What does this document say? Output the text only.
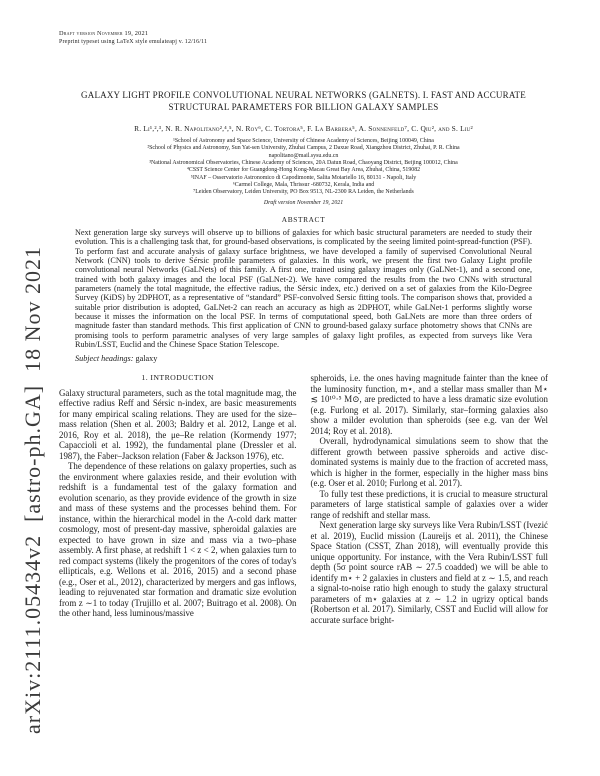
arXiv:2111.05434v2  [astro-ph.GA]  18 Nov 2021
Draft version November 19, 2021
Preprint typeset using LaTeX style emulateapj v. 12/16/11
GALAXY LIGHT PROFILE CONVOLUTIONAL NEURAL NETWORKS (GALNETS). I. FAST AND ACCURATE STRUCTURAL PARAMETERS FOR BILLION GALAXY SAMPLES
R. Li¹,²,³, N. R. Napolitano²,⁴,⁵, N. Roy⁶, C. Tortora⁵, F. La Barbera⁵, A. Sonnenfeld⁷, C. Qiu², and S. Liu²
¹School of Astronomy and Space Science, University of Chinese Academy of Sciences, Beijing 100049, China
²School of Physics and Astronomy, Sun Yat-sen University, Zhuhai Campus, 2 Daxue Road, Xiangzhou District, Zhuhai, P. R. China
napolitano@mail.sysu.edu.cn
³National Astronomical Observatories, Chinese Academy of Sciences, 20A Datun Road, Chaoyang District, Beijing 100012, China
⁴CSST Science Center for Guangdong-Hong Kong-Macau Great Bay Area, Zhuhai, China, 519082
⁵INAF – Osservatorio Astronomico di Capodimonte, Salita Moiariello 16, 80131 - Napoli, Italy
⁶Carmel College, Mala, Thrissur -680732, Kerala, India and
⁷Leiden Observatory, Leiden University, PO Box 9513, NL-2300 RA Leiden, the Netherlands
Draft version November 19, 2021
ABSTRACT

Next generation large sky surveys will observe up to billions of galaxies for which basic structural parameters are needed to study their evolution. This is a challenging task that, for ground-based observations, is complicated by the seeing limited point-spread-function (PSF). To perform fast and accurate analysis of galaxy surface brightness, we have developed a family of supervised Convolutional Neural Network (CNN) tools to derive Sérsic profile parameters of galaxies. In this work, we present the first two Galaxy Light profile convolutional neural Networks (GaLNets) of this family. A first one, trained using galaxy images only (GaLNet-1), and a second one, trained with both galaxy images and the local PSF (GaLNet-2). We have compared the results from the two CNNs with structural parameters (namely the total magnitude, the effective radius, the Sérsic index, etc.) derived on a set of galaxies from the Kilo-Degree Survey (KiDS) by 2DPHOT, as a representative of “standard” PSF-convolved Sersic fitting tools. The comparison shows that, provided a suitable prior distribution is adopted, GaLNet-2 can reach an accuracy as high as 2DPHOT, while GaLNet-1 performs slightly worse because it misses the information on the local PSF. In terms of computational speed, both GaLNets are more than three orders of magnitude faster than standard methods. This first application of CNN to ground-based galaxy surface photometry shows that CNNs are promising tools to perform parametric analyses of very large samples of galaxy light profiles, as expected from surveys like Vera Rubin/LSST, Euclid and the Chinese Space Station Telescope.

Subject headings: galaxy

1. INTRODUCTION

Galaxy structural parameters, such as the total magnitude mag, the effective radius Reff and Sérsic n-index, are basic measurements for many empirical scaling relations. They are used for the size–mass relation (Shen et al. 2003; Baldry et al. 2012, Lange et al. 2016, Roy et al. 2018), the μe–Re relation (Kormendy 1977; Capaccioli et al. 1992), the fundamental plane (Dressler et al. 1987), the Faber–Jackson relation (Faber & Jackson 1976), etc.

The dependence of these relations on galaxy properties, such as the environment where galaxies reside, and their evolution with redshift is a fundamental test of the galaxy formation and evolution scenario, as they provide evidence of the growth in size and mass of these systems and the processes behind them. For instance, within the hierarchical model in the Λ-cold dark matter cosmology, most of present-day massive, spheroidal galaxies are expected to have grown in size and mass via a two–phase assembly. A first phase, at redshift 1 < z < 2, when galaxies turn to red compact systems (likely the progenitors of the cores of today's ellipticals, e.g. Wellons et al. 2016, 2015) and a second phase (e.g., Oser et al., 2012), characterized by mergers and gas inflows, leading to rejuvenated star formation and dramatic size evolution from z ∼1 to today (Trujillo et al. 2007; Buitrago et al. 2008). On the other hand, less luminous/massive

spheroids, i.e. the ones having magnitude fainter than the knee of the luminosity function, m⋆, and a stellar mass smaller than M⋆ ≲ 10¹⁰·⁵ M⊙, are predicted to have a less dramatic size evolution (e.g. Furlong et al. 2017). Similarly, star–forming galaxies also show a milder evolution than spheroids (see e.g. van der Wel 2014; Roy et al. 2018).

Overall, hydrodynamical simulations seem to show that the different growth between passive spheroids and active disc-dominated systems is mainly due to the fraction of accreted mass, which is higher in the former, especially in the higher mass bins (e.g. Oser et al. 2010; Furlong et al. 2017).

To fully test these predictions, it is crucial to measure structural parameters of large statistical sample of galaxies over a wider range of redshift and stellar mass.

Next generation large sky surveys like Vera Rubin/LSST (Ivezić et al. 2019), Euclid mission (Laureijs et al. 2011), the Chinese Space Station (CSST, Zhan 2018), will eventually provide this unique opportunity. For instance, with the Vera Rubin/LSST full depth (5σ point source rAB ∼ 27.5 coadded) we will be able to identify m⋆ + 2 galaxies in clusters and field at z ∼ 1.5, and reach a signal-to-noise ratio high enough to study the galaxy structural parameters of m⋆ galaxies at z ∼ 1.2 in ugrizy optical bands (Robertson et al. 2017). Similarly, CSST and Euclid will allow for accurate surface bright-
